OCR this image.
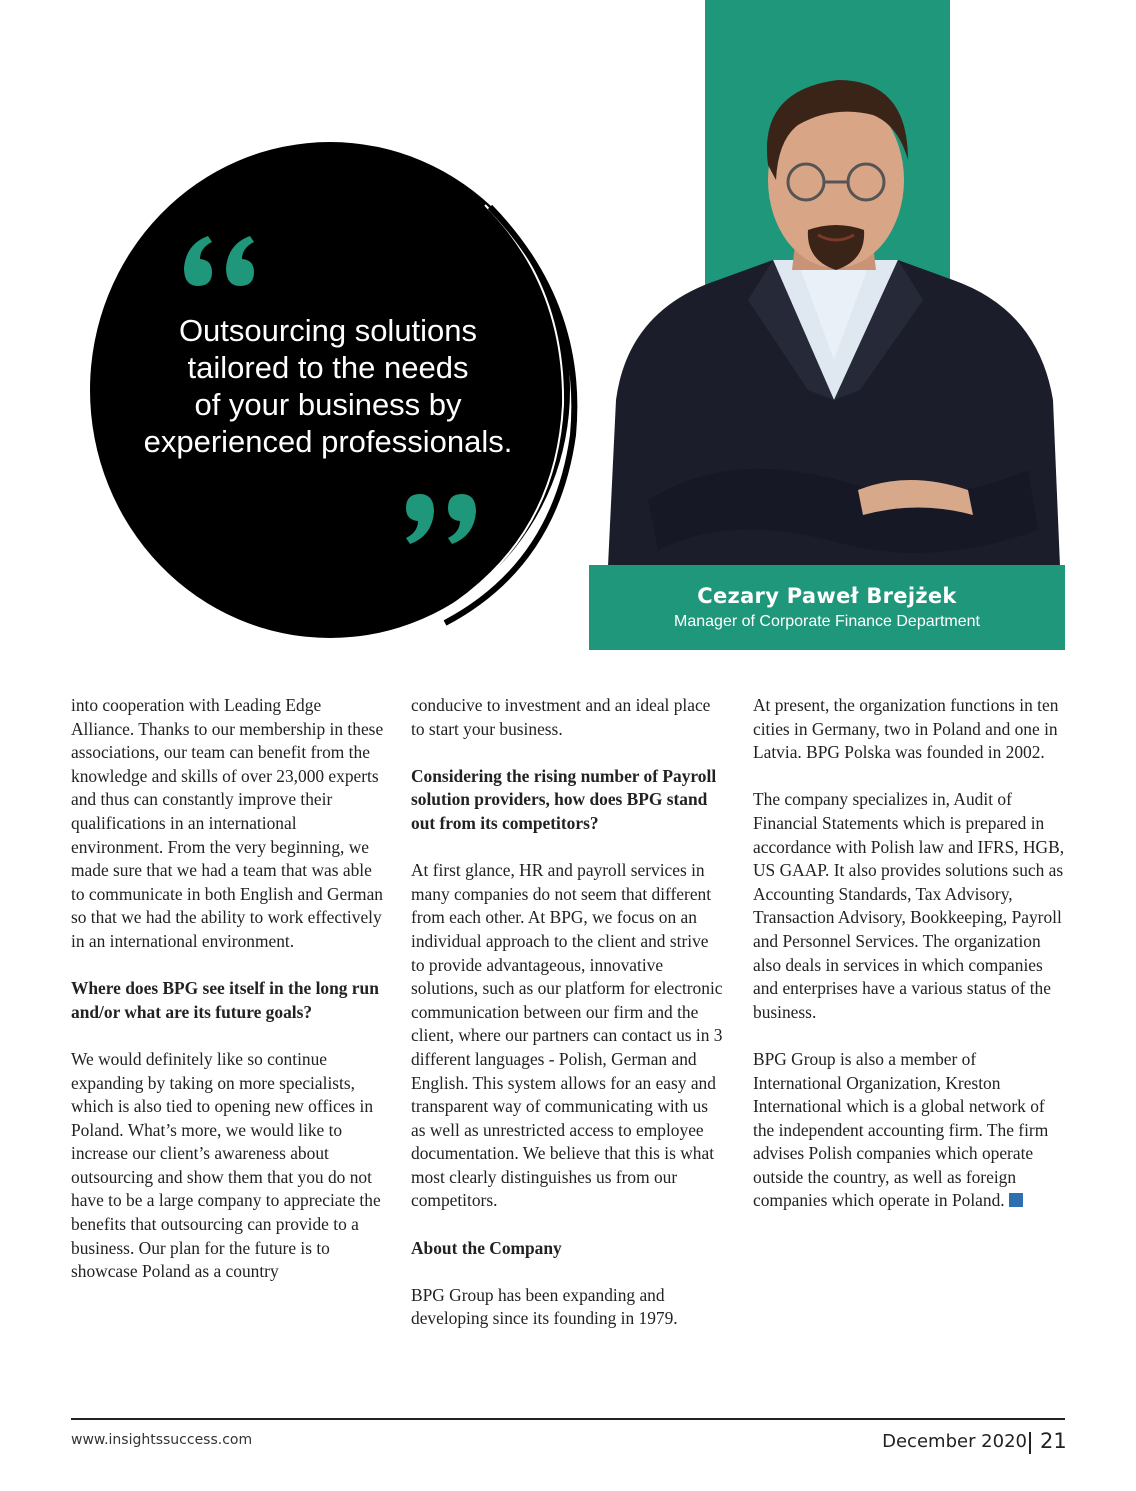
Cezary Paweł Brejżek
Manager of Corporate Finance Department
Outsourcing solutions
tailored to the needs
of your business by
experienced professionals.

into cooperation with Leading Edge Alliance. Thanks to our membership in these associations, our team can benefit from the knowledge and skills of over 23,000 experts and thus can constantly improve their qualifications in an international environment. From the very beginning, we made sure that we had a team that was able to communicate in both English and German so that we had the ability to work effectively in an international environment.

Where does BPG see itself in the long run and/or what are its future goals?

We would definitely like so continue expanding by taking on more specialists, which is also tied to opening new offices in Poland. What’s more, we would like to increase our client’s awareness about outsourcing and show them that you do not have to be a large company to appreciate the benefits that outsourcing can provide to a business. Our plan for the future is to showcase Poland as a country

conducive to investment and an ideal place to start your business.

Considering the rising number of Payroll solution providers, how does BPG stand out from its competitors?

At first glance, HR and payroll services in many companies do not seem that different from each other. At BPG, we focus on an individual approach to the client and strive to provide advantageous, innovative solutions, such as our platform for electronic communication between our firm and the client, where our partners can contact us in 3 different languages - Polish, German and English. This system allows for an easy and transparent way of communicating with us as well as unrestricted access to employee documentation. We believe that this is what most clearly distinguishes us from our competitors.

About the Company

BPG Group has been expanding and developing since its founding in 1979.

At present, the organization functions in ten cities in Germany, two in Poland and one in Latvia. BPG Polska was founded in 2002.

The company specializes in, Audit of Financial Statements which is prepared in accordance with Polish law and IFRS, HGB, US GAAP. It also provides solutions such as Accounting Standards, Tax Advisory, Transaction Advisory, Bookkeeping, Payroll and Personnel Services. The organization also deals in services in which companies and enterprises have a various status of the business.

BPG Group is also a member of International Organization, Kreston International which is a global network of the independent accounting firm. The firm advises Polish companies which operate outside the country, as well as foreign companies which operate in Poland.

www.insightssuccess.com	December 2020 21
